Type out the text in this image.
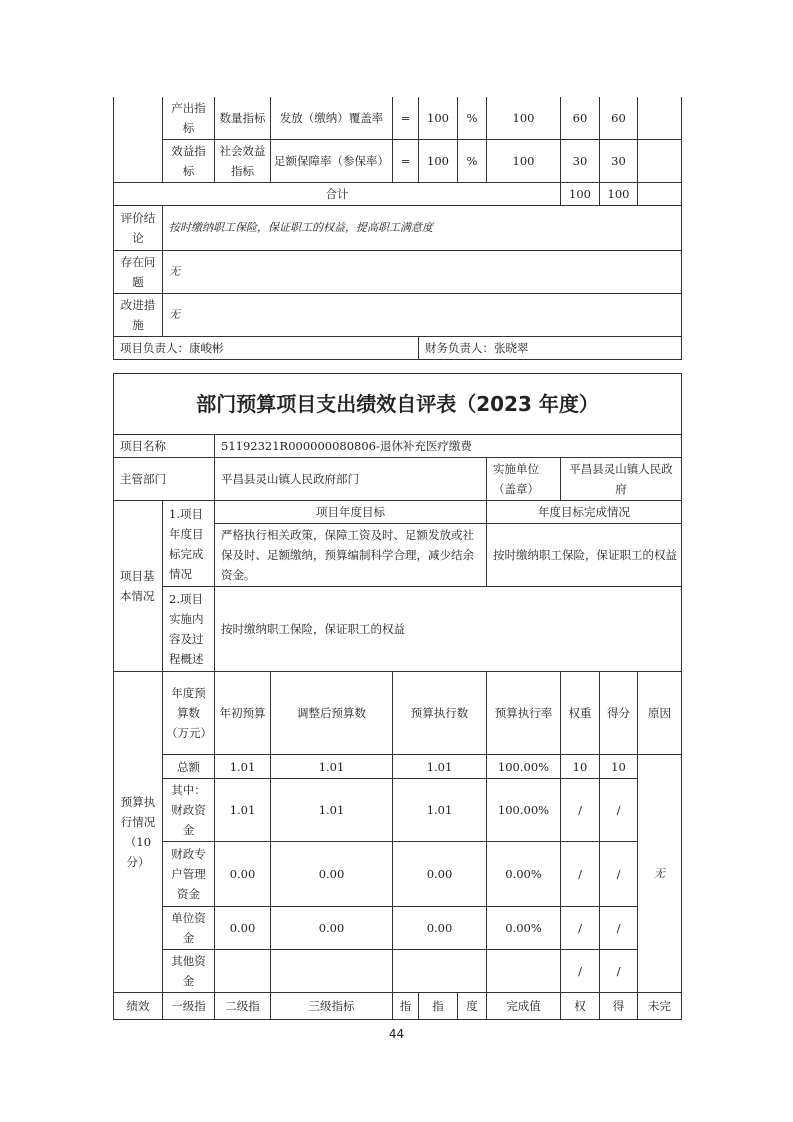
	产出指标	数量指标	发放（缴纳）覆盖率	=	100	%	100	60	60	
	效益指标	社会效益指标	足额保障率（参保率）	=	100	%	100	30	30	
合计								100	100	
评价结论	按时缴纳职工保险，保证职工的权益，提高职工满意度									
存在问题	无									
改进措施	无									
项目负责人：康峻彬					财务负责人：张晓翠					
部门预算项目支出绩效自评表（2023 年度）										
项目名称		51192321R000000080806-退休补充医疗缴费								
主管部门		平昌县灵山镇人民政府部门					实施单位（盖章）	平昌县灵山镇人民政府		
项目基本情况	1.项目年度目标完成情况	项目年度目标					年度目标完成情况			
		严格执行相关政策，保障工资及时、足额发放或社保及时、足额缴纳，预算编制科学合理，减少结余资金。					按时缴纳职工保险，保证职工的权益			
	2.项目实施内容及过程概述	按时缴纳职工保险，保证职工的权益								
预算执行情况（10分）	年度预算数（万元）	年初预算	调整后预算数	预算执行数			预算执行率	权重	得分	原因
	总额	1.01	1.01	1.01			100.00%	10	10	无
	其中：财政资金	1.01	1.01	1.01			100.00%	/	/	
	财政专户管理资金	0.00	0.00	0.00			0.00%	/	/	
	单位资金	0.00	0.00	0.00			0.00%	/	/	
	其他资金							/	/	
绩效	一级指	二级指	三级指标	指	指	度	完成值	权	得	未完
44
